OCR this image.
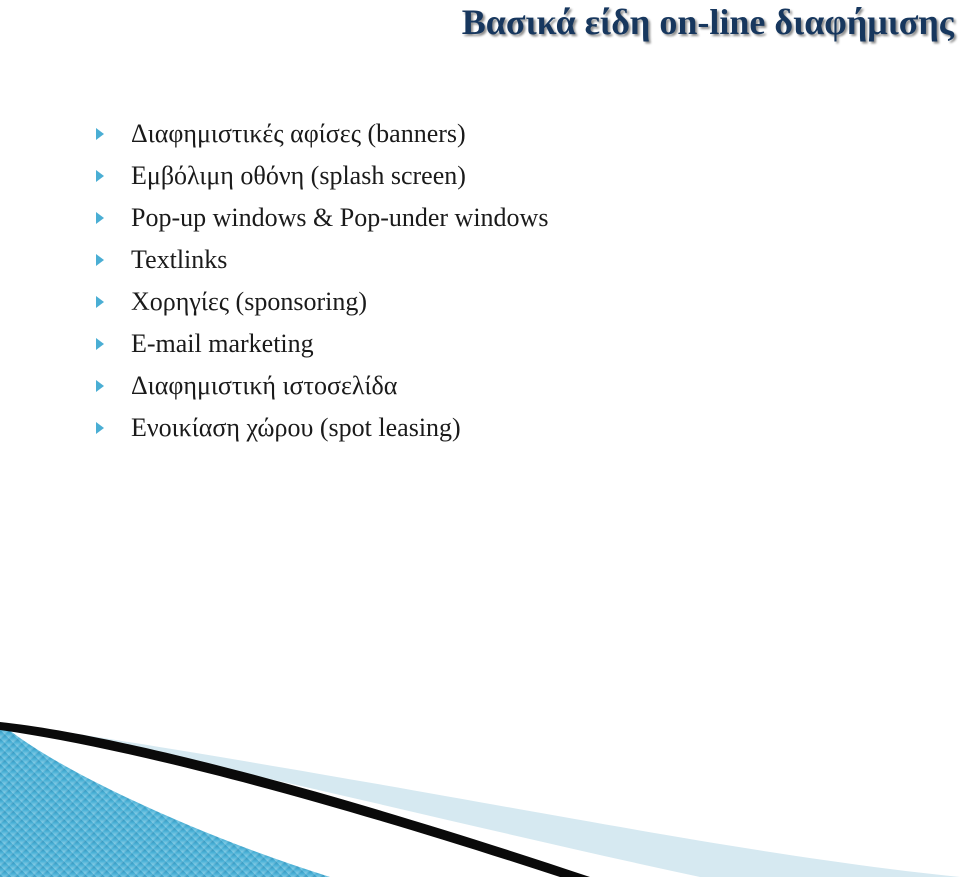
Βασικά είδη on-line διαφήμισης
Διαφημιστικές αφίσες (banners)
Εμβόλιμη οθόνη (splash screen)
Pop-up windows & Pop-under windows
Textlinks
Χορηγίες (sponsoring)
E-mail marketing
Διαφημιστική ιστοσελίδα
Ενοικίαση χώρου (spot leasing)
